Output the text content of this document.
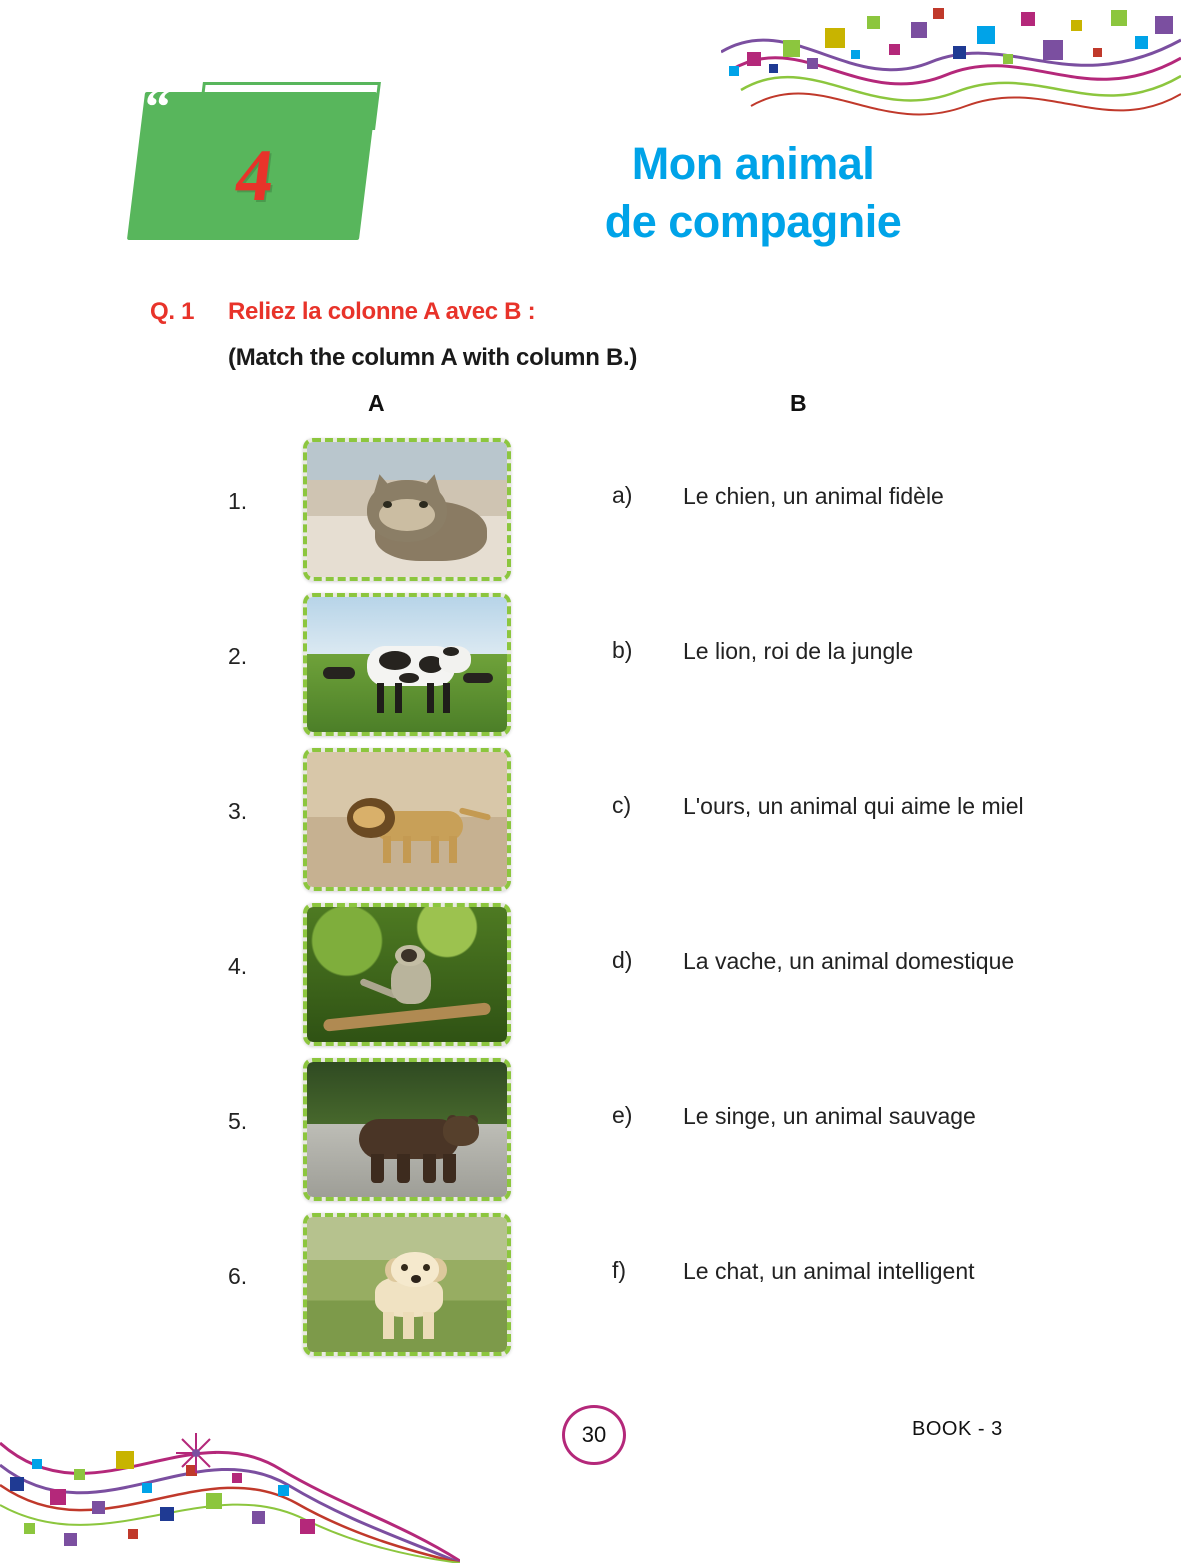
“
4	Mon animal
de compagnie
Q. 1 Reliez la colonne A avec B :
(Match the column A with column B.)
A	B
1.	a) Le chien, un animal fidèle
2.	b) Le lion, roi de la jungle
3.	c) L'ours, un animal qui aime le miel
4.	d) La vache, un animal domestique
5.	e) Le singe, un animal sauvage
6.	f) Le chat, un animal intelligent
30	BOOK - 3
